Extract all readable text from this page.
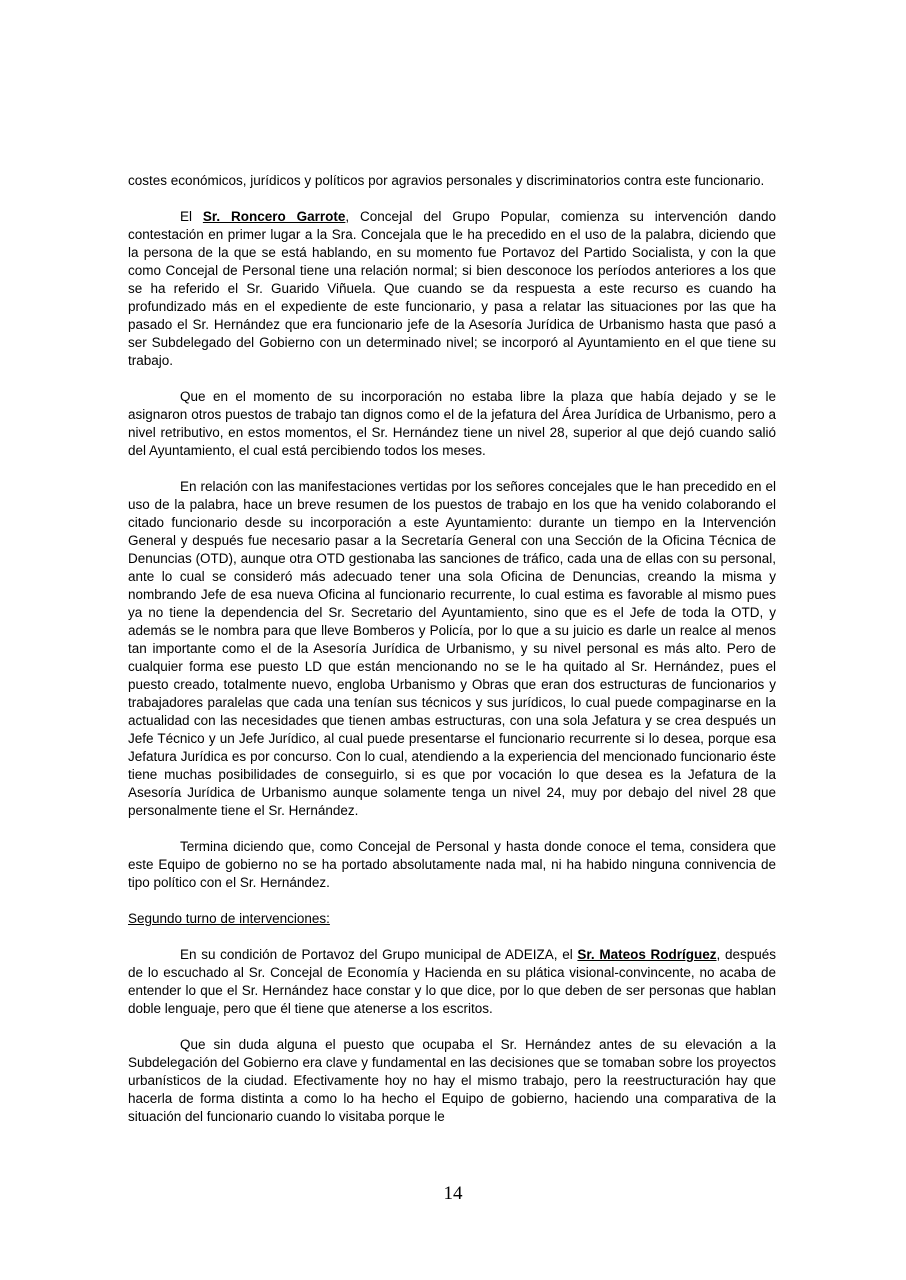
costes económicos, jurídicos y políticos por agravios personales y discriminatorios contra este funcionario.

El Sr. Roncero Garrote, Concejal del Grupo Popular, comienza su intervención dando contestación en primer lugar a la Sra. Concejala que le ha precedido en el uso de la palabra, diciendo que la persona de la que se está hablando, en su momento fue Portavoz del Partido Socialista, y con la que como Concejal de Personal tiene una relación normal; si bien desconoce los períodos anteriores a los que se ha referido el Sr. Guarido Viñuela. Que cuando se da respuesta a este recurso es cuando ha profundizado más en el expediente de este funcionario, y pasa a relatar las situaciones por las que ha pasado el Sr. Hernández que era funcionario jefe de la Asesoría Jurídica de Urbanismo hasta que pasó a ser Subdelegado del Gobierno con un determinado nivel; se incorporó al Ayuntamiento en el que tiene su trabajo.

Que en el momento de su incorporación no estaba libre la plaza que había dejado y se le asignaron otros puestos de trabajo tan dignos como el de la jefatura del Área Jurídica de Urbanismo, pero a nivel retributivo, en estos momentos, el Sr. Hernández tiene un nivel 28, superior al que dejó cuando salió del Ayuntamiento, el cual está percibiendo todos los meses.

En relación con las manifestaciones vertidas por los señores concejales que le han precedido en el uso de la palabra, hace un breve resumen de los puestos de trabajo en los que ha venido colaborando el citado funcionario desde su incorporación a este Ayuntamiento: durante un tiempo en la Intervención General y después fue necesario pasar a la Secretaría General con una Sección de la Oficina Técnica de Denuncias (OTD), aunque otra OTD gestionaba las sanciones de tráfico, cada una de ellas con su personal, ante lo cual se consideró más adecuado tener una sola Oficina de Denuncias, creando la misma y nombrando Jefe de esa nueva Oficina al funcionario recurrente, lo cual estima es favorable al mismo pues ya no tiene la dependencia del Sr. Secretario del Ayuntamiento, sino que es el Jefe de toda la OTD, y además se le nombra para que lleve Bomberos y Policía, por lo que a su juicio es darle un realce al menos tan importante como el de la Asesoría Jurídica de Urbanismo, y su nivel personal es más alto. Pero de cualquier forma ese puesto LD que están mencionando no se le ha quitado al Sr. Hernández, pues el puesto creado, totalmente nuevo, engloba Urbanismo y Obras que eran dos estructuras de funcionarios y trabajadores paralelas que cada una tenían sus técnicos y sus jurídicos, lo cual puede compaginarse en la actualidad con las necesidades que tienen ambas estructuras, con una sola Jefatura y se crea después un Jefe Técnico y un Jefe Jurídico, al cual puede presentarse el funcionario recurrente si lo desea, porque esa Jefatura Jurídica es por concurso. Con lo cual, atendiendo a la experiencia del mencionado funcionario éste tiene muchas posibilidades de conseguirlo, si es que por vocación lo que desea es la Jefatura de la Asesoría Jurídica de Urbanismo aunque solamente tenga un nivel 24, muy por debajo del nivel 28 que personalmente tiene el Sr. Hernández.

Termina diciendo que, como Concejal de Personal y hasta donde conoce el tema, considera que este Equipo de gobierno no se ha portado absolutamente nada mal, ni ha habido ninguna connivencia de tipo político con el Sr. Hernández.

Segundo turno de intervenciones:

En su condición de Portavoz del Grupo municipal de ADEIZA, el Sr. Mateos Rodríguez, después de lo escuchado al Sr. Concejal de Economía y Hacienda en su plática visional-convincente, no acaba de entender lo que el Sr. Hernández hace constar y lo que dice, por lo que deben de ser personas que hablan doble lenguaje, pero que él tiene que atenerse a los escritos.

Que sin duda alguna el puesto que ocupaba el Sr. Hernández antes de su elevación a la Subdelegación del Gobierno era clave y fundamental en las decisiones que se tomaban sobre los proyectos urbanísticos de la ciudad. Efectivamente hoy no hay el mismo trabajo, pero la reestructuración hay que hacerla de forma distinta a como lo ha hecho el Equipo de gobierno, haciendo una comparativa de la situación del funcionario cuando lo visitaba porque le

14
